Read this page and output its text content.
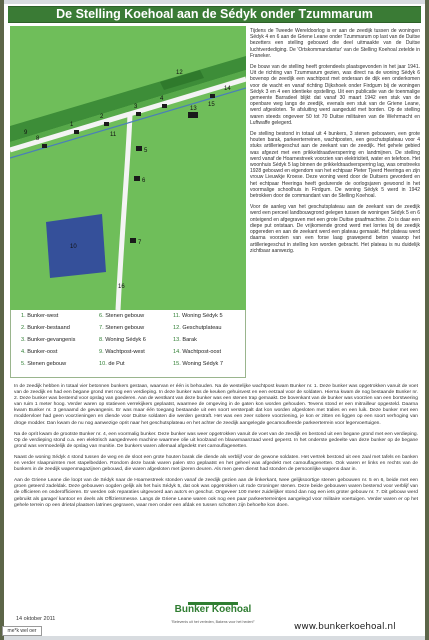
De Stelling Koehoal aan de Sédyk onder Tzummarum
1
2
3
4
5
6
7
8
9
10
11
12
13
14
15
16
1. Bunker-west
2. Bunker-bestaand
3. Bunker-gevangenis
4. Bunker-oost
5. Stenen gebouw
6. Stenen gebouw
7. Stenen gebouw
8. Woning Sédyk 6
9. Wachtpost-west
10. de Put
11. Woning Sédyk 5
12. Geschutplateau
13. Barak
14. Wachtpost-oost
15. Woning Sédyk 7

Tijdens de Tweede Wereldoorlog is er aan de zeedijk tussen de woningen Sédyk 4 en 6 aan de Griene Leane onder Tzummarum op last van de Duitse bezetters een stelling gebouwd die deel uitmaakte van de Duitse luchtverdediging. De 'Ortskommandantur' van de Stelling Koehoal zetelde in Franeker.

De bouw van de stelling heeft grotendeels plaatsgevonden in het jaar 1941. Uit de richting van Tzummarum gezien, was direct na de woning Sédyk 6 bovenop de zeedijk een wachtpost met onderaan de dijk een onderkomen voor de wacht en vanaf richting Dijkshoek onder Firdgum bij de woningen Sédyk 3 en 4 een identieke opstelling. Uit een publicatie van de toenmalige gemeente Barradeel blijkt dat vanaf 30 maart 1942 een stuk van de openbare weg langs de zeedijk, evenals een stuk van de Griene Leane, werd afgesloten. Te afsluiting werd aangeduid met borden. Op de stelling waren steeds ongeveer 50 tot 70 Duitse militairen van de Wehrmacht en Luftwaffe gelegerd.

De stelling bestond in totaal uit 4 bunkers, 3 stenen gebouwen, een grote houten barak, parkeerterreinen, wachtposten, een geschutsplateau voor 4 stuks artilleriegeschut aan de zeekant van de zeedijk. Het gehele gebied was afgezet met een prikkeldraadversperring en landmijnen. De stelling werd vanaf de Hoarnestreek voorzien van elektriciteit, water en telefoon. Het woonhuis Sédyk 5 lag binnen de prikkeldraadversperring lag, was omstreeks 1928 gebouwd en eigendom van het echtpaar Pieter Tjeerd Heeringa en zijn vrouw Lieuwkje Kroese. Deze woning werd door de Duitsers gevorderd en het echtpaar Heeringa heeft gedurende de oorlogsjaren gewoond in het voormalige schoolhuis in Firdgum. De woning Sédyk 5 werd in 1942 betrokken door de commandant van de Stelling Koehoal.

Voor de aanleg van het geschutsplateau aan de zeekant van de zeedijk werd een perceel landbouwgrond gelegen tussen de woningen Sédyk 5 en 6 onteigend en afgegraven met een grote Duitse graafmachine. Zo is daar een diepe put ontstaan. De vrijkomende grond werd met lorries bij de zeedijk opgereden en aan de zeekant werd een plateau gemaakt. Het plateau werd daarna voorzien van een forse laag grawepend beton waarop het artilleriegeschut in stelling kon worden gebracht. Het plateau is nu duidelijk zichtbaar aanwezig.

In de zeedijk hebben in totaal vier betonnen bunkers gestaan, waarvan er één is behouden. Na de westelijke wachtpost kwam Bunker nr. 1. Deze bunker was opgetrokken vanuit de voet van de zeedijk en had een begane grond met nog een verdieping. In deze bunker was de keuken gehuisvest en een eetzaal voor de soldaten. Hierna kwam de nog bestaande Bunker nr. 2. Deze bunker was bestemd voor opslag van goederen. Aan de westkant van deze bunker was een stenen trap gemaakt. De bovenkant van de bunker was voorzien van een borstwering van ruim 1 meter hoog. Verder waren op statieven verrekijkers geplaatst, waarmee de omgeving in de gaten kon worden gehouden. Tevens stond er een mitrailleur opgesteld. Daarna kwam Bunker nr. 3 genaamd de gevangenis. Er was maar één toegang bestaande uit een soort versterpalt dat kon worden afgesloten met tralies en een luik. Deze bunker met een moddervloer had geen voorzieningen en diende voor Duitse soldaten die werden gestraft. Het was een zeer sobere voorziening, je kon er zitten en liggen op een soort verhoging van droge modder. Dan kwam de nu nog aanwezige oprit naar het geschutsplateau en het achter de zeedijk aangelegde gecamoufleerde parkeerterrein voor legervoertuigen.

Na de oprit kwam de grootste Bunker nr. 4, een voormalig bunker. Deze bunker was weer opgetrokken vanuit de voet van de zeedijk en bestond uit een begane grond met een verdieping. Op de verdieping stond o.a. een elektrisch aangedreven machine waarmee olie uit koolzaad en blauwmaanzaad werd geperst. In het onderste gedeelte van deze bunker op de begane grond was vermoedelijk de opslag van munitie. De bunkers waren allemaal afgedekt met camouflagenetten.

Naast de woning Sédyk 4 stond tussen de weg en de sloot een grote houten barak die diende als verblijf voor de gewone soldaten. Het vertrek bestond uit een zaal met tafels en banken en verder slaapruimten met stapelbedden. Rondom deze barak waren palen stro geplaatst en het geheel was afgedekt met camouflagenetten. Ook waren er links en rechts van de bunkers in de zeedijk wapenmagazijnen gebouwd, die waren afgesloten met ijzeren deuren. Als men geen dienst had stonden de persoonlijke wapens daar in.

Aan de Griene Leane die loopt van de Sédyk naar de Hoarnestreek stonden vanaf de zeedijk gezien aan de linkerkant, twee gelijksoortige stenen gebouwen nr. 5 en 6, beide met een groen geteerd zadeldak. Deze gebouwen oogden gelijk als het huis Sédyk 5, dat ook was opgetrokken uit rode Groninger stenen. Deze beide gebouwen waren bestemd voor verblijf van de officieren en onderofficieren. Er werden ook reparaties uitgevoerd aan auto's en geschut. Ongeveer 100 meter zuidelijker stond dan nog een iets groter gebouw nr. 7. Dit gebouw werd gebruikt als garage/ kantoor en deels als Offiziersmesse. Langs de Griene Leane waren ook nog een paar parkeerterreintjes aangelegd voor militaire voertuigen. Verder waren er op het gehele terrein op een drietal plaatsen latrines gegraven, waar men onder een afdak en tussen schotten zijn behoefte kon doen.

14 oktober 2011
Bunker Koehoal
"Belevenis uit het verleden, Bakens voor het heden!"	www.bunkerkoehoal.nl
me*k wel oer
